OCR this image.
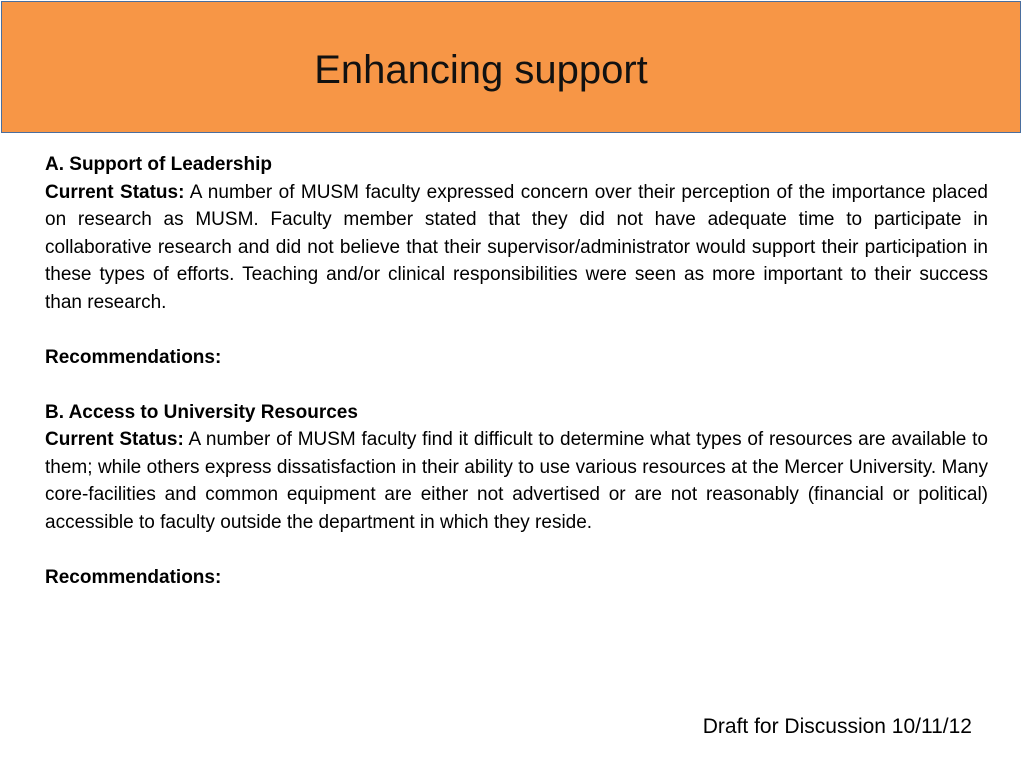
Enhancing support

A. Support of Leadership

Current Status: A number of MUSM faculty expressed concern over their perception of the importance placed on research as MUSM. Faculty member stated that they did not have adequate time to participate in collaborative research and did not believe that their supervisor/administrator would support their participation in these types of efforts. Teaching and/or clinical responsibilities were seen as more important to their success than research.

Recommendations:

B. Access to University Resources

Current Status: A number of MUSM faculty find it difficult to determine what types of resources are available to them; while others express dissatisfaction in their ability to use various resources at the Mercer University. Many core-facilities and common equipment are either not advertised or are not reasonably (financial or political) accessible to faculty outside the department in which they reside.

Recommendations:

Draft for Discussion 10/11/12
